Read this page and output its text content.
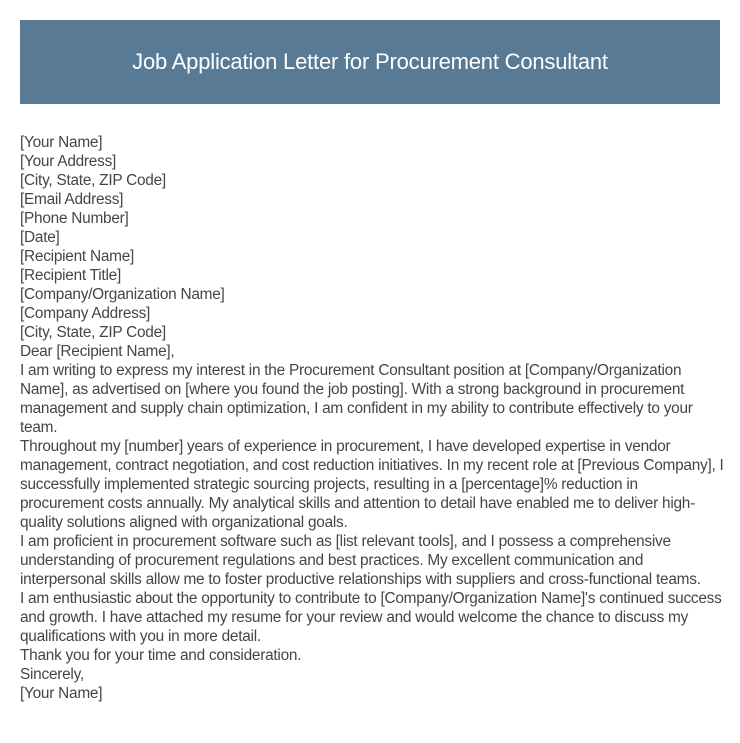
Job Application Letter for Procurement Consultant

[Your Name]

[Your Address]

[City, State, ZIP Code]

[Email Address]

[Phone Number]

[Date]

[Recipient Name]

[Recipient Title]

[Company/Organization Name]

[Company Address]

[City, State, ZIP Code]

Dear [Recipient Name],

I am writing to express my interest in the Procurement Consultant position at [Company/Organization Name], as advertised on [where you found the job posting]. With a strong background in procurement management and supply chain optimization, I am confident in my ability to contribute effectively to your team.

Throughout my [number] years of experience in procurement, I have developed expertise in vendor management, contract negotiation, and cost reduction initiatives. In my recent role at [Previous Company], I successfully implemented strategic sourcing projects, resulting in a [percentage]% reduction in procurement costs annually. My analytical skills and attention to detail have enabled me to deliver high-quality solutions aligned with organizational goals.

I am proficient in procurement software such as [list relevant tools], and I possess a comprehensive understanding of procurement regulations and best practices. My excellent communication and interpersonal skills allow me to foster productive relationships with suppliers and cross-functional teams.

I am enthusiastic about the opportunity to contribute to [Company/Organization Name]'s continued success and growth. I have attached my resume for your review and would welcome the chance to discuss my qualifications with you in more detail.

Thank you for your time and consideration.

Sincerely,

[Your Name]
